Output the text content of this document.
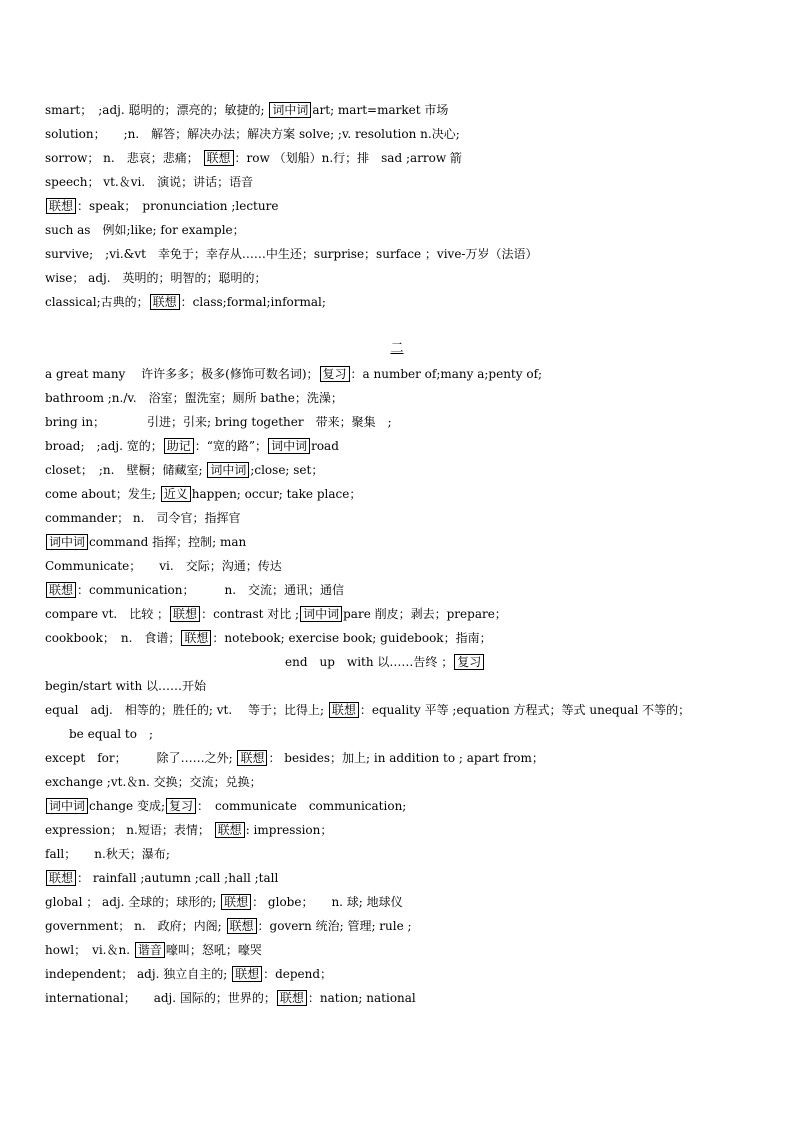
smart；　;adj. 聪明的；漂亮的；敏捷的; 词中词 art; mart=market 市场
solution；　　;n.　解答；解决办法；解决方案 solve; ;v. resolution n.决心;
sorrow； n.　悲哀；悲痛； 联想 ：row （划船）n.行；排　sad ;arrow 箭
speech； vt.＆vi.　演说；讲话；语音
联想 ：speak；　pronunciation ;lecture
such as　例如;like; for example；
survive;　;vi.&vt　幸免于；幸存从……中生还；surprise；surface ；vive-万岁（法语）
wise； adj.　英明的；明智的；聪明的；
classical;古典的； 联想 ：class;formal;informal;
二
a great many　 许许多多；极多(修饰可数名词)； 复习 ：a number of;many a;penty of;
bathroom ;n./v.　浴室；盥洗室；厕所 bathe；洗澡；
bring in；　　　　引进；引来; bring together　带来；聚集　;
broad;　;adj. 宽的； 助记 ：“宽的路”； 词中词 road
closet；　;n.　壁橱；储藏室; 词中词 ;close; set；
come about；发生; 近义 happen; occur; take place；
commander； n.　司令官；指挥官
词中词 command 指挥；控制; man
Communicate；　　vi.　交际；沟通；传达
联想 ：communication；　　　n.　交流；通讯；通信
compare vt.　比较 ； 联想 ：contrast 对比 ; 词中词 pare 削皮；剥去；prepare；
cookbook；　n.　食谱； 联想 ：notebook; exercise book; guidebook；指南；
　　　　　　　　　　　　　　　　　　　　end　up　with 以……告终 ； 复习
begin/start with 以……开始
equal　adj.　相等的；胜任的; vt.　 等于；比得上; 联想 ：equality 平等 ;equation 方程式；等式 unequal 不等的；
　　be equal to　;
except　for；　　　除了……之外; 联想 ： besides；加上; in addition to ; apart from；
exchange ;vt.＆n. 交换；交流；兑换；
词中词 change 变成; 复习 ：　communicate　communication;
expression； n.短语；表情； 联想 : impression；
fall；　　n.秋天；瀑布;
联想 ： rainfall ;autumn ;call ;hall ;tall
global ； adj. 全球的；球形的; 联想 ： globe；　　n. 球; 地球仪
government； n.　政府；内阁; 联想 ：govern 统治; 管理; rule ;
howl；　vi.＆n. 谐音 嚎叫；怒吼；嚎哭
independent； adj. 独立自主的; 联想 ：depend；
international；　　adj. 国际的；世界的； 联想 ：nation; national
